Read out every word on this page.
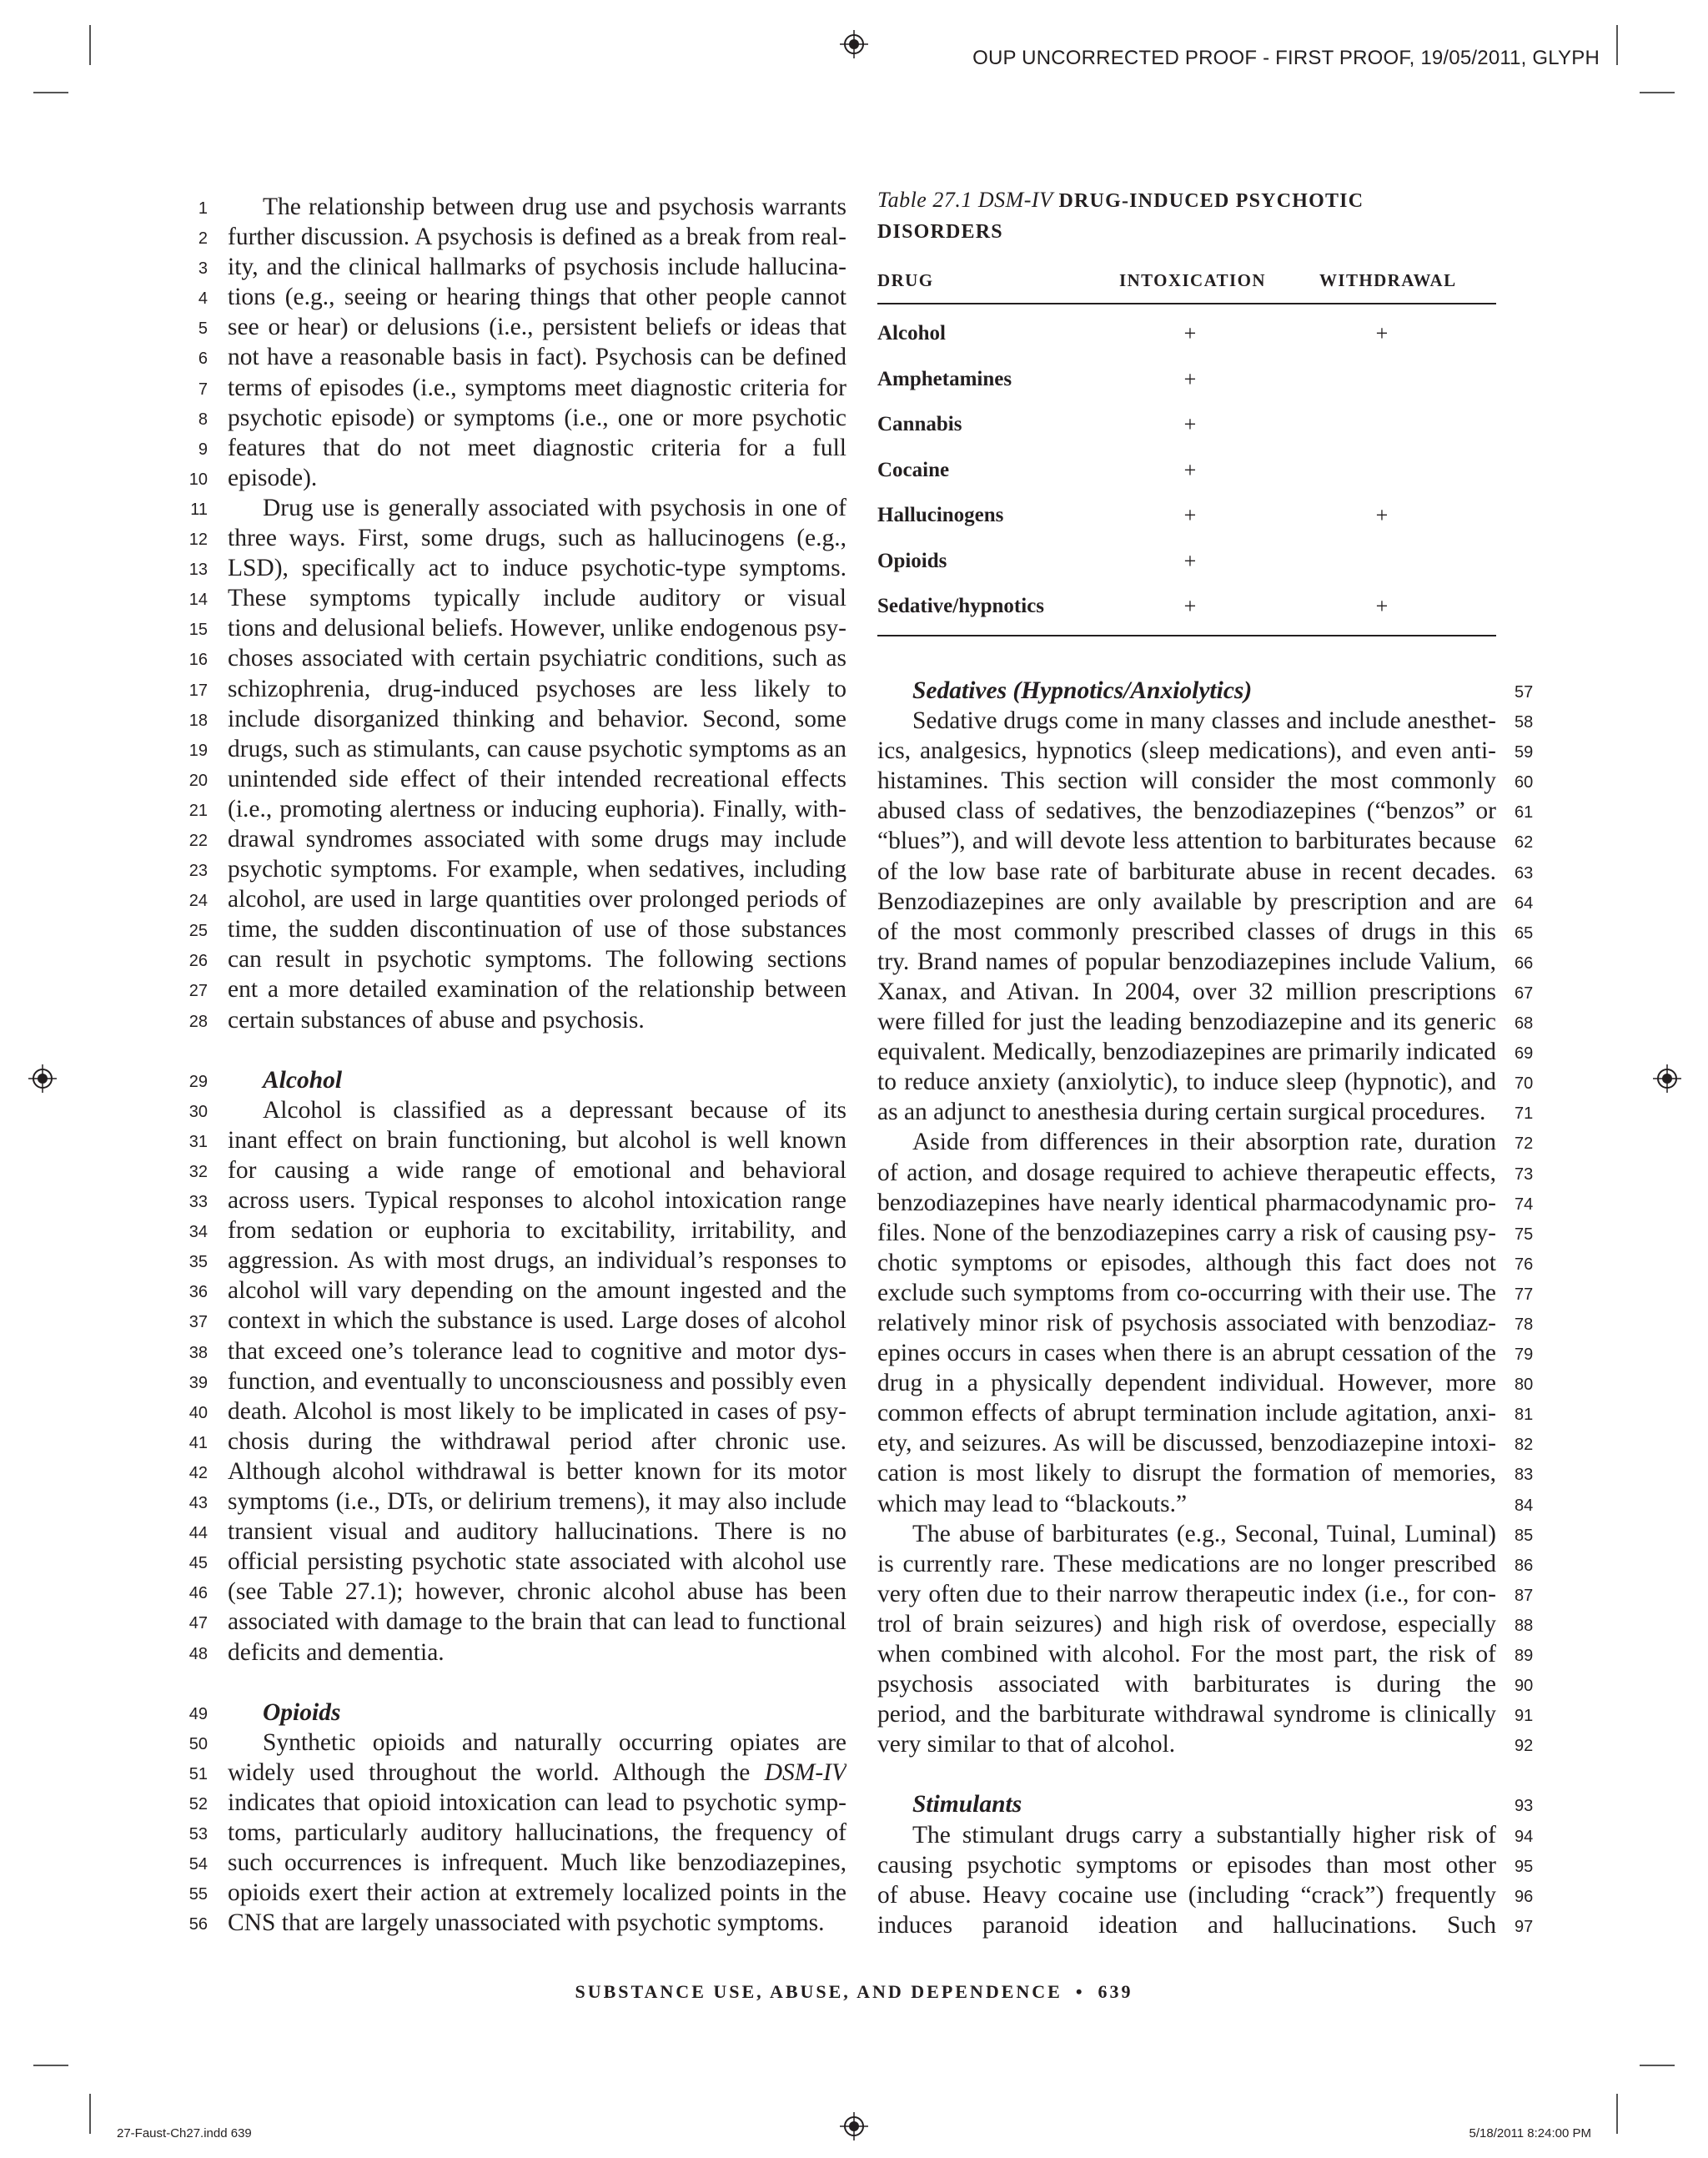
OUP UNCORRECTED PROOF - FIRST PROOF, 19/05/2011, GLYPH
1	The relationship between drug use and psychosis warrants
2 further discussion. A psychosis is defined as a break from real-
3 ity, and the clinical hallmarks of psychosis include hallucina-
4 tions (e.g., seeing or hearing things that other people cannot
5 see or hear) or delusions (i.e., persistent beliefs or ideas that
6 not have a reasonable basis in fact). Psychosis can be defined
7 terms of episodes (i.e., symptoms meet diagnostic criteria for
8 psychotic episode) or symptoms (i.e., one or more psychotic
9 features that do not meet diagnostic criteria for a full
10 episode).
11	Drug use is generally associated with psychosis in one of
12 three ways. First, some drugs, such as hallucinogens (e.g.,
13 LSD), specifically act to induce psychotic-type symptoms.
14 These symptoms typically include auditory or visual
15 tions and delusional beliefs. However, unlike endogenous psy-
16 choses associated with certain psychiatric conditions, such as
17 schizophrenia, drug-induced psychoses are less likely to
18 include disorganized thinking and behavior. Second, some
19 drugs, such as stimulants, can cause psychotic symptoms as an
20 unintended side effect of their intended recreational effects
21 (i.e., promoting alertness or inducing euphoria). Finally, with-
22 drawal syndromes associated with some drugs may include
23 psychotic symptoms. For example, when sedatives, including
24 alcohol, are used in large quantities over prolonged periods of
25 time, the sudden discontinuation of use of those substances
26 can result in psychotic symptoms. The following sections
27 ent a more detailed examination of the relationship between
28 certain substances of abuse and psychosis.
29	Alcohol
30	Alcohol is classified as a depressant because of its
31 inant effect on brain functioning, but alcohol is well known
32 for causing a wide range of emotional and behavioral
33 across users. Typical responses to alcohol intoxication range
34 from sedation or euphoria to excitability, irritability, and
35 aggression. As with most drugs, an individual’s responses to
36 alcohol will vary depending on the amount ingested and the
37 context in which the substance is used. Large doses of alcohol
38 that exceed one’s tolerance lead to cognitive and motor dys-
39 function, and eventually to unconsciousness and possibly even
40 death. Alcohol is most likely to be implicated in cases of psy-
41 chosis during the withdrawal period after chronic use.
42 Although alcohol withdrawal is better known for its motor
43 symptoms (i.e., DTs, or delirium tremens), it may also include
44 transient visual and auditory hallucinations. There is no
45 official persisting psychotic state associated with alcohol use
46 (see Table 27.1); however, chronic alcohol abuse has been
47 associated with damage to the brain that can lead to functional
48 deficits and dementia.
49	Opioids
50	Synthetic opioids and naturally occurring opiates are
51 widely used throughout the world. Although the DSM-IV
52 indicates that opioid intoxication can lead to psychotic symp-
53 toms, particularly auditory hallucinations, the frequency of
54 such occurrences is infrequent. Much like benzodiazepines,
55 opioids exert their action at extremely localized points in the
56 CNS that are largely unassociated with psychotic symptoms.
Table 27.1 DSM-IV DRUG-INDUCED PSYCHOTIC
DISORDERS
DRUG	INTOXICATION	WITHDRAWAL
Alcohol	+	+
Amphetamines	+
Cannabis	+
Cocaine	+
Hallucinogens	+	+
Opioids	+
Sedative/hypnotics	+	+
57
Sedatives (Hypnotics/Anxiolytics)
58
Sedative drugs come in many classes and include anesthet-
59
ics, analgesics, hypnotics (sleep medications), and even anti-
60
histamines. This section will consider the most commonly
61
abused class of sedatives, the benzodiazepines (“benzos” or
62
“blues”), and will devote less attention to barbiturates because
63
of the low base rate of barbiturate abuse in recent decades.
64
Benzodiazepines are only available by prescription and are
65
of the most commonly prescribed classes of drugs in this
66
try. Brand names of popular benzodiazepines include Valium,
67
Xanax, and Ativan. In 2004, over 32 million prescriptions
68
were filled for just the leading benzodiazepine and its generic
69
equivalent. Medically, benzodiazepines are primarily indicated
70
to reduce anxiety (anxiolytic), to induce sleep (hypnotic), and
71
as an adjunct to anesthesia during certain surgical procedures.
72
Aside from differences in their absorption rate, duration
73
of action, and dosage required to achieve therapeutic effects,
74
benzodiazepines have nearly identical pharmacodynamic pro-
75
files. None of the benzodiazepines carry a risk of causing psy-
76
chotic symptoms or episodes, although this fact does not
77
exclude such symptoms from co-occurring with their use. The
78
relatively minor risk of psychosis associated with benzodiaz-
79
epines occurs in cases when there is an abrupt cessation of the
80
drug in a physically dependent individual. However, more
81
common effects of abrupt termination include agitation, anxi-
82
ety, and seizures. As will be discussed, benzodiazepine intoxi-
83
cation is most likely to disrupt the formation of memories,
84
which may lead to “blackouts.”
85
The abuse of barbiturates (e.g., Seconal, Tuinal, Luminal)
86
is currently rare. These medications are no longer prescribed
87
very often due to their narrow therapeutic index (i.e., for con-
88
trol of brain seizures) and high risk of overdose, especially
89
when combined with alcohol. For the most part, the risk of
90
psychosis associated with barbiturates is during the
91
period, and the barbiturate withdrawal syndrome is clinically
92
very similar to that of alcohol.
93
Stimulants
94
The stimulant drugs carry a substantially higher risk of
95
causing psychotic symptoms or episodes than most other
96
of abuse. Heavy cocaine use (including “crack”) frequently
97
induces paranoid ideation and hallucinations. Such
SUBSTANCE USE, ABUSE, AND DEPENDENCE • 639
27-Faust-Ch27.indd 639	5/18/2011 8:24:00 PM
